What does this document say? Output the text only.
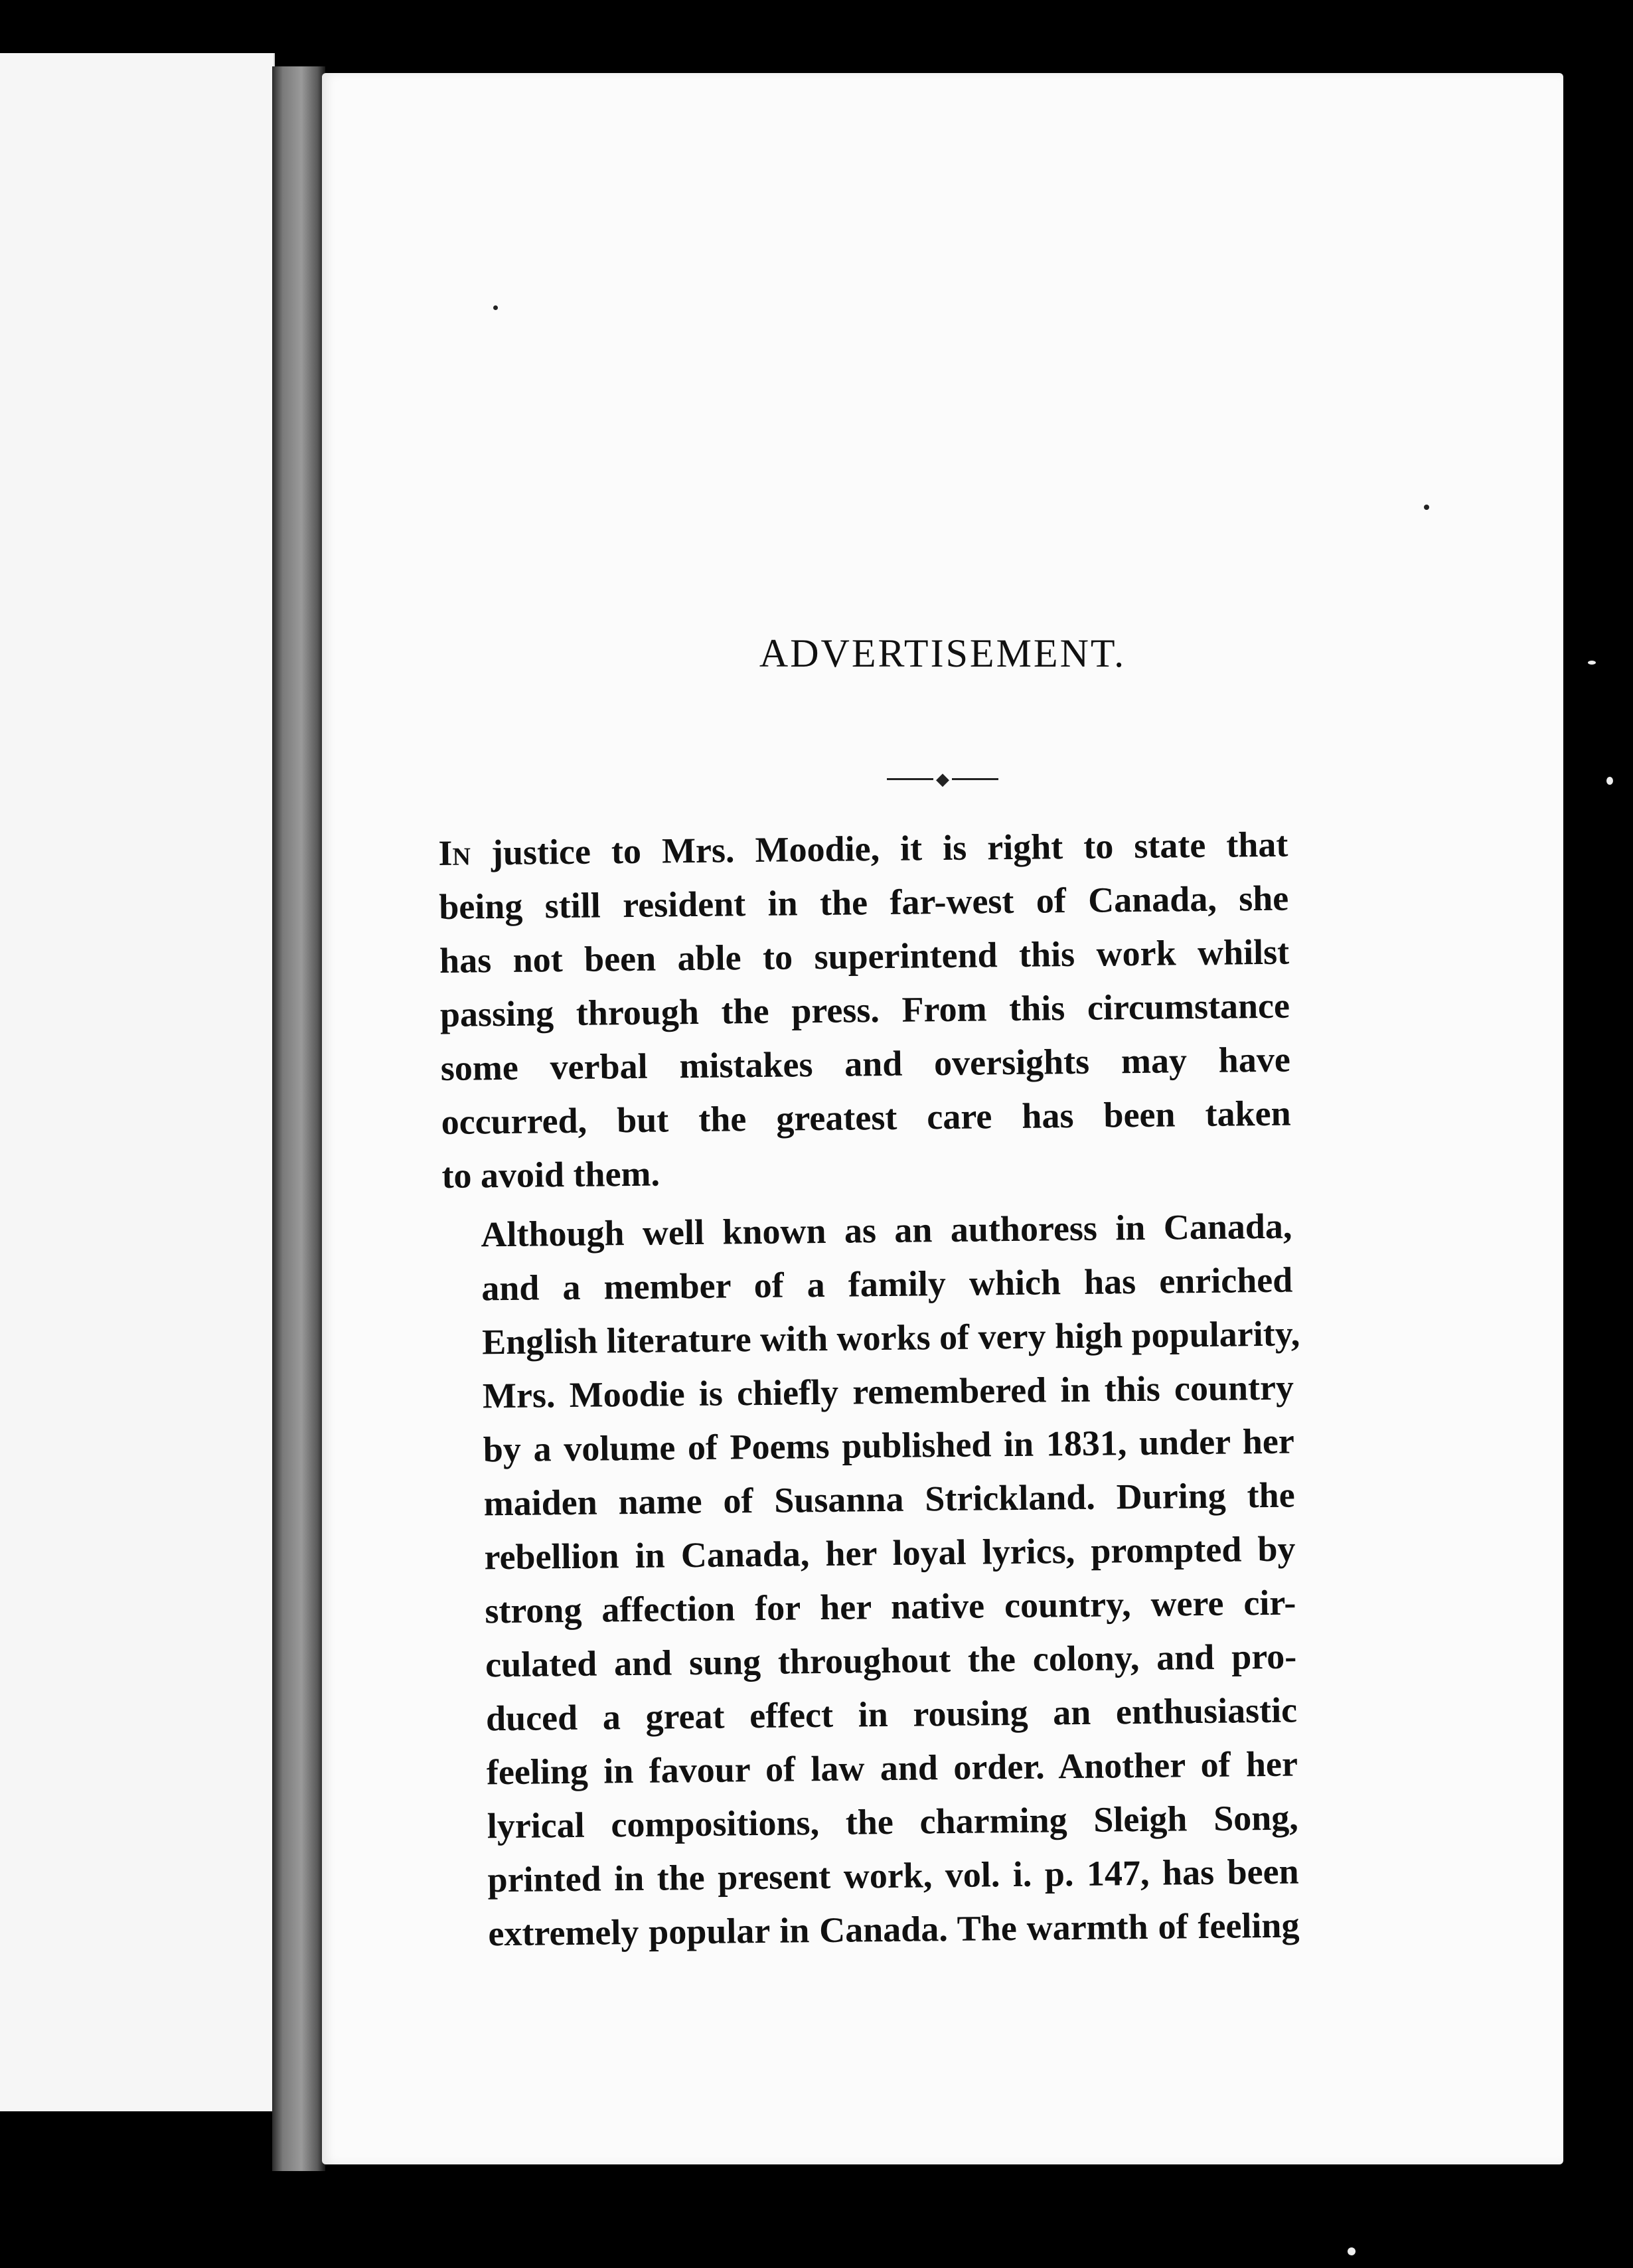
ADVERTISEMENT.
◆

In justice to Mrs. Moodie, it is right to state that
being still resident in the far-west of Canada, she
has not been able to superintend this work whilst
passing through the press. From this circumstance
some verbal mistakes and oversights may have
occurred, but the greatest care has been taken
to avoid them.

Although well known as an authoress in Canada,
and a member of a family which has enriched
English literature with works of very high popularity,
Mrs. Moodie is chiefly remembered in this country
by a volume of Poems published in 1831, under her
maiden name of Susanna Strickland. During the
rebellion in Canada, her loyal lyrics, prompted by
strong affection for her native country, were cir-
culated and sung throughout the colony, and pro-
duced a great effect in rousing an enthusiastic
feeling in favour of law and order. Another of her
lyrical compositions, the charming Sleigh Song,
printed in the present work, vol. i. p. 147, has been
extremely popular in Canada. The warmth of feeling
